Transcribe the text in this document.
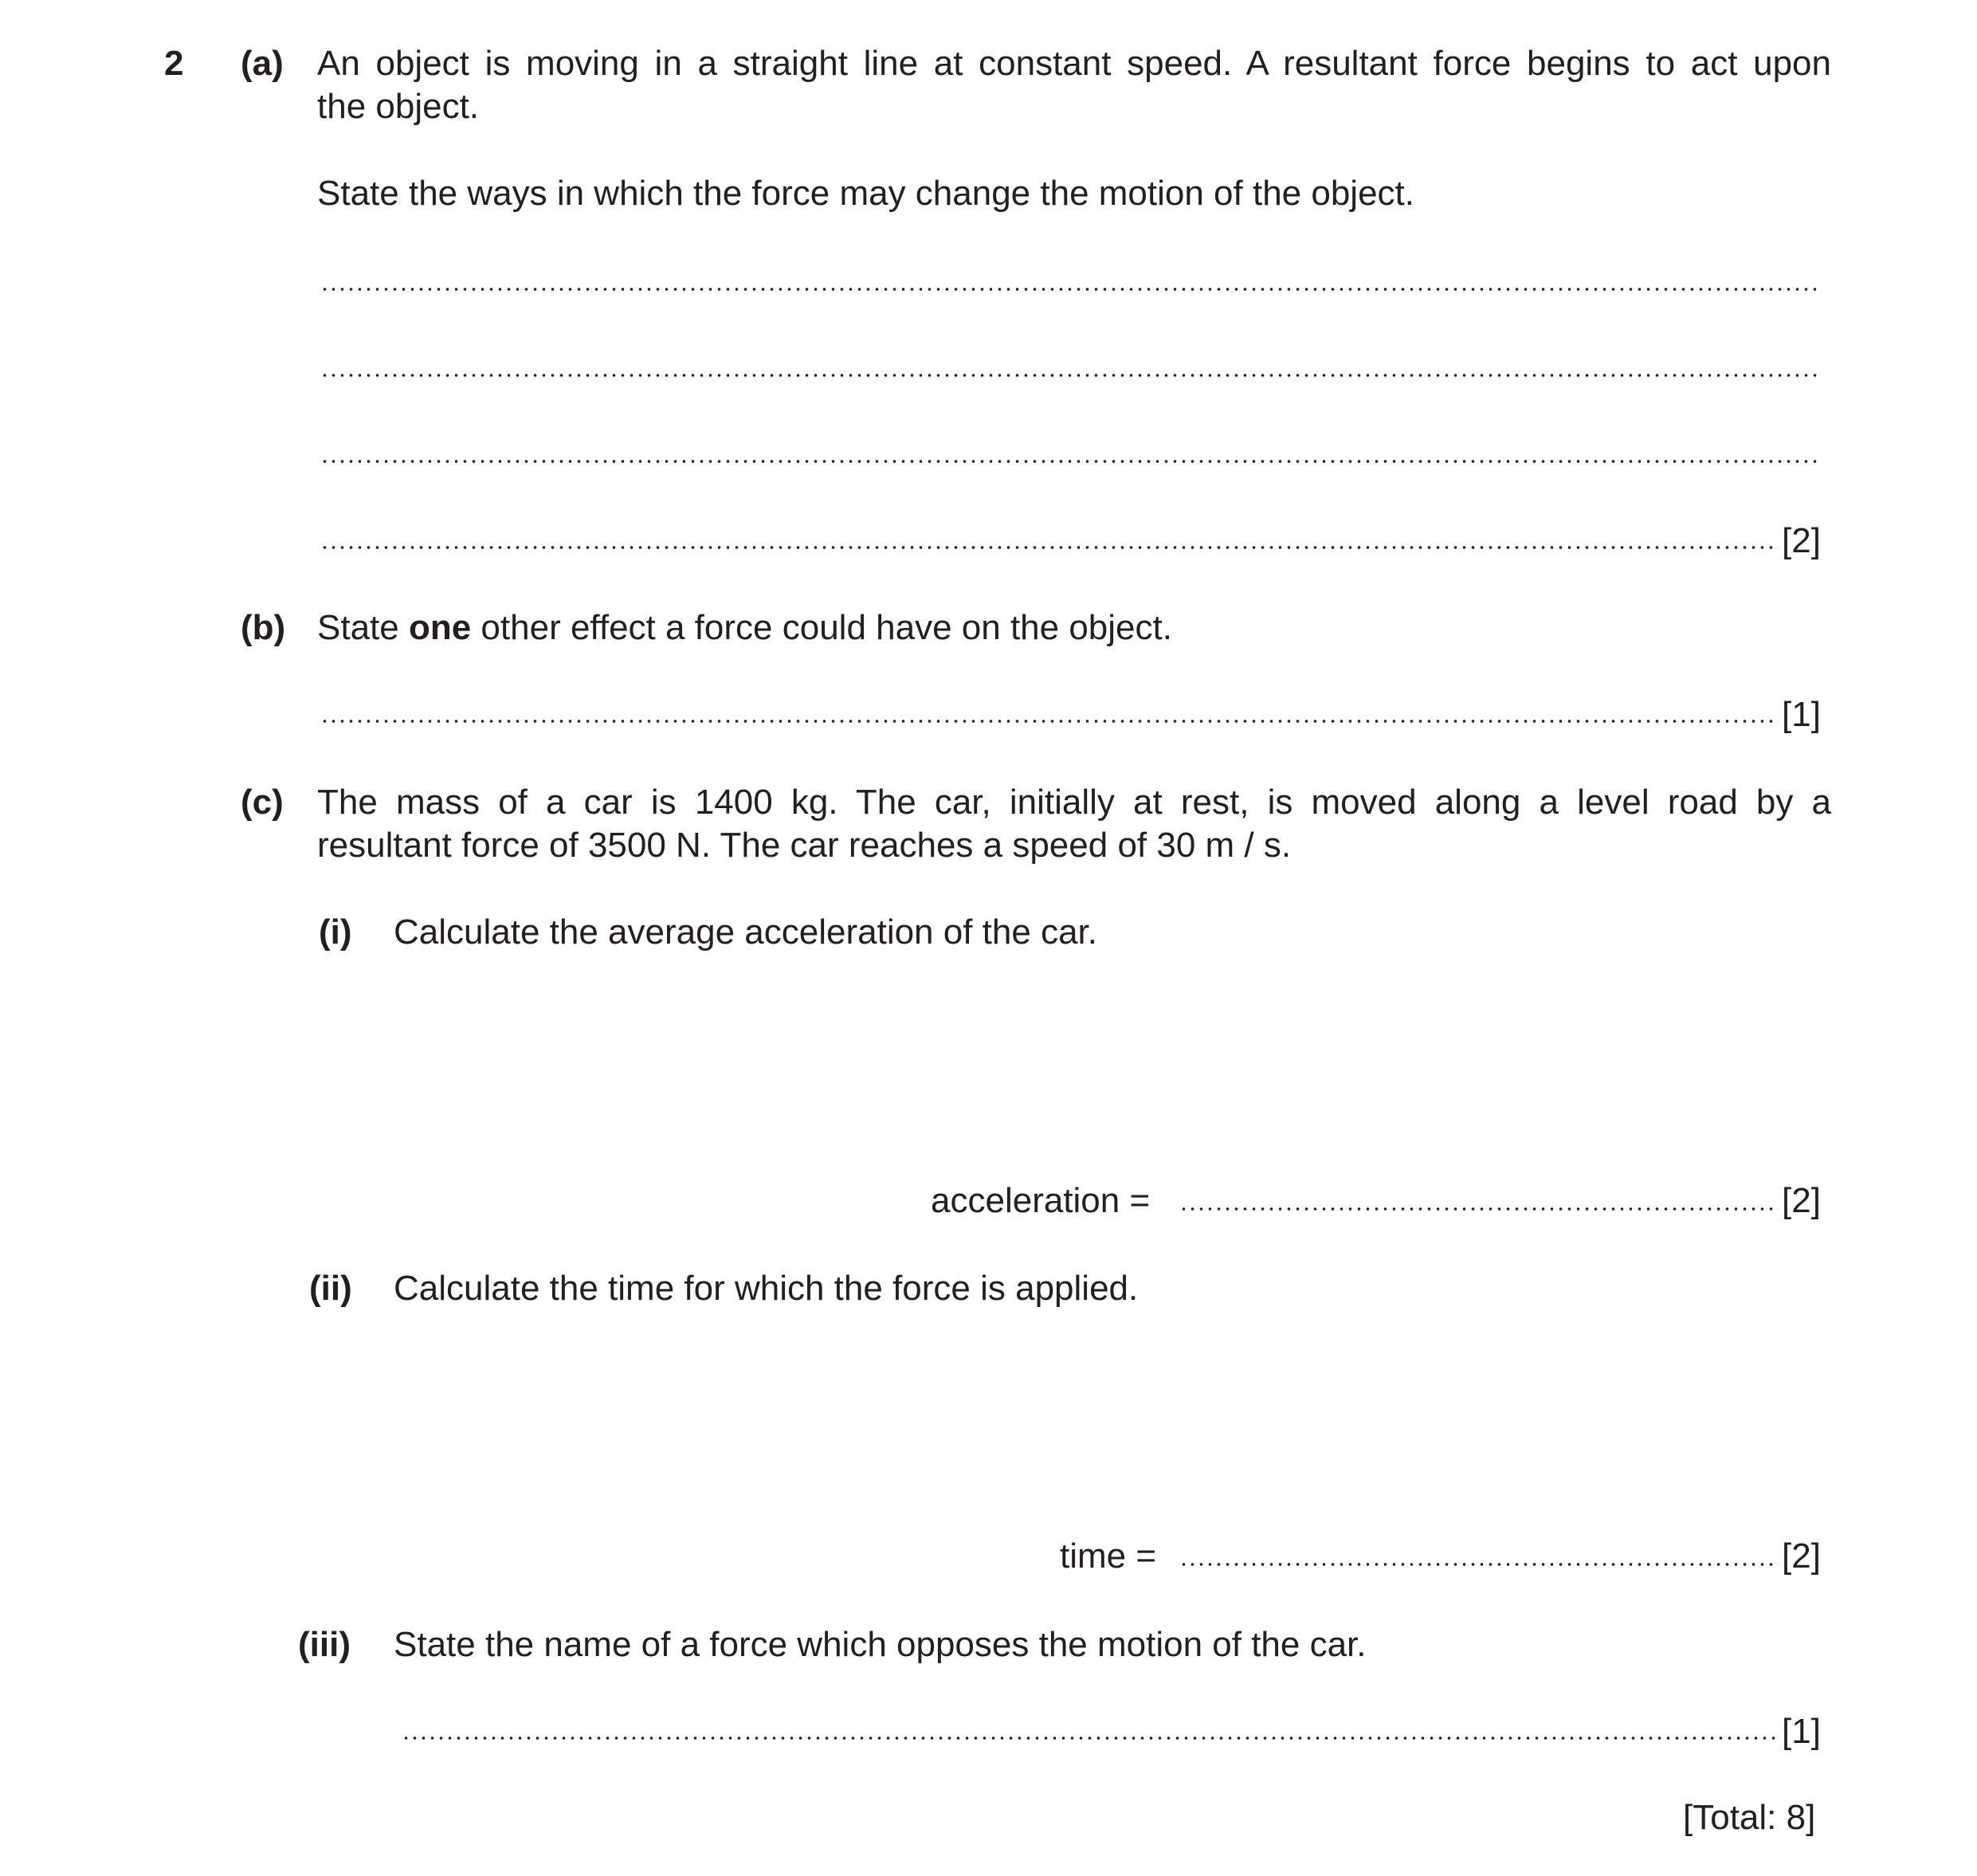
2 (a) An object is moving in a straight line at constant speed. A resultant force begins to act upon
the object.
State the ways in which the force may change the motion of the object.
[2]
(b) State one other effect a force could have on the object.
[1]
(c) The mass of a car is 1400 kg. The car, initially at rest, is moved along a level road by a
resultant force of 3500 N. The car reaches a speed of 30 m / s.
(i) Calculate the average acceleration of the car.
acceleration =	[2]
(ii) Calculate the time for which the force is applied.
time =	[2]
(iii) State the name of a force which opposes the motion of the car.
[1]
[Total: 8]
